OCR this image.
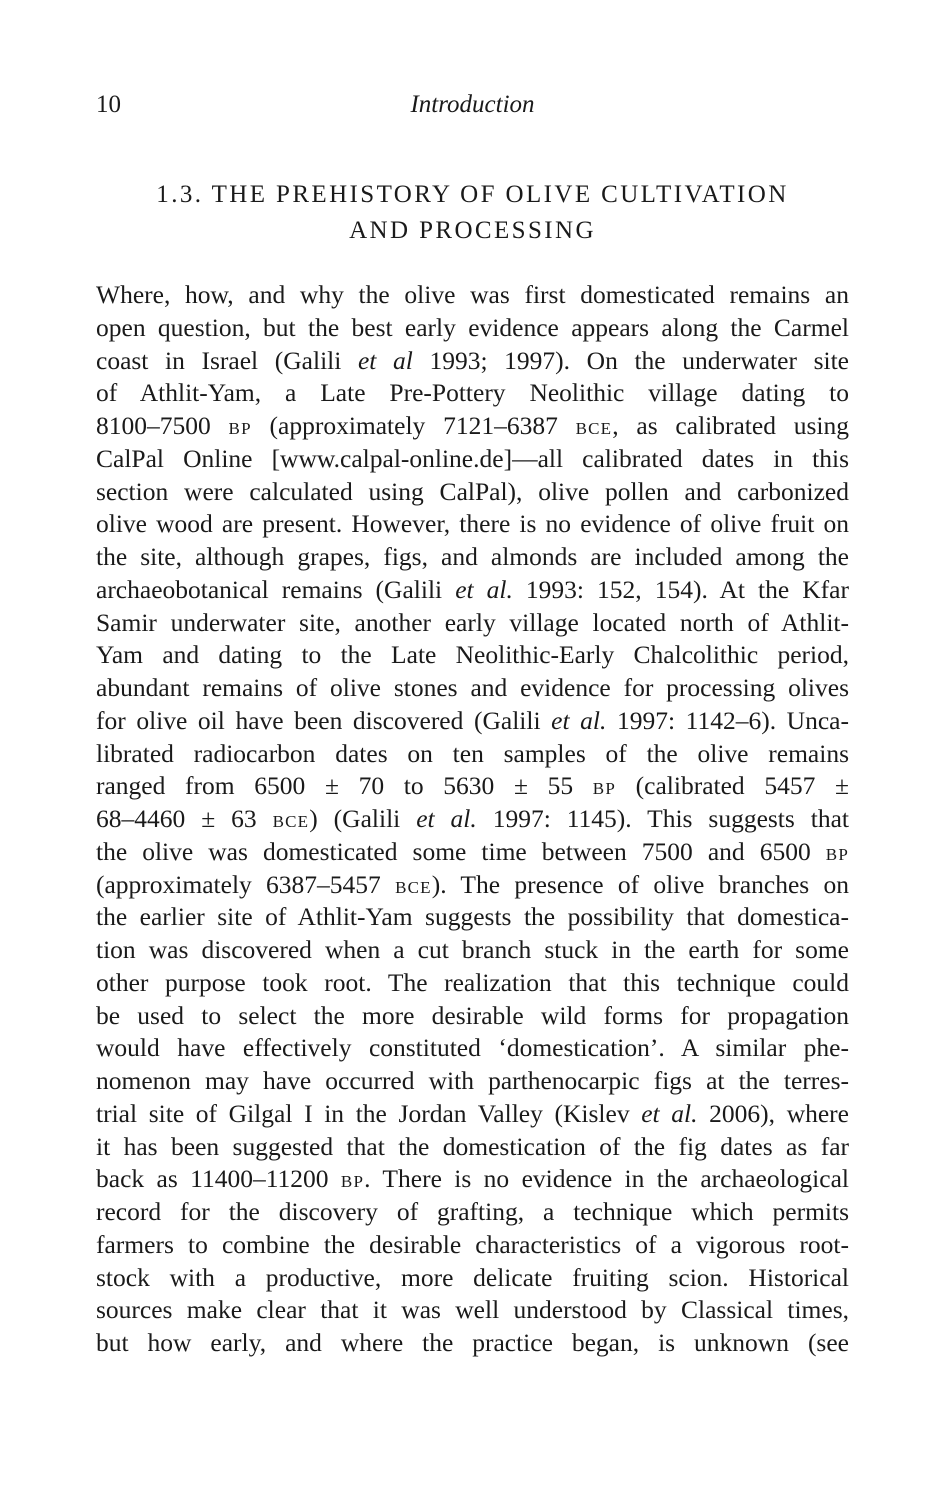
10	Introduction
1.3. THE PREHISTORY OF OLIVE CULTIVATION
AND PROCESSING
Where, how, and why the olive was first domesticated remains an
open question, but the best early evidence appears along the Carmel
coast in Israel (Galili et al 1993; 1997). On the underwater site
of Athlit-Yam, a Late Pre-Pottery Neolithic village dating to
8100–7500 BP (approximately 7121–6387 BCE, as calibrated using
CalPal Online [www.calpal-online.de]—all calibrated dates in this
section were calculated using CalPal), olive pollen and carbonized
olive wood are present. However, there is no evidence of olive fruit on
the site, although grapes, figs, and almonds are included among the
archaeobotanical remains (Galili et al. 1993: 152, 154). At the Kfar
Samir underwater site, another early village located north of Athlit-
Yam and dating to the Late Neolithic-Early Chalcolithic period,
abundant remains of olive stones and evidence for processing olives
for olive oil have been discovered (Galili et al. 1997: 1142–6). Unca-
librated radiocarbon dates on ten samples of the olive remains
ranged from 6500 ± 70 to 5630 ± 55 BP (calibrated 5457 ±
68–4460 ± 63 BCE) (Galili et al. 1997: 1145). This suggests that
the olive was domesticated some time between 7500 and 6500 BP
(approximately 6387–5457 BCE). The presence of olive branches on
the earlier site of Athlit-Yam suggests the possibility that domestica-
tion was discovered when a cut branch stuck in the earth for some
other purpose took root. The realization that this technique could
be used to select the more desirable wild forms for propagation
would have effectively constituted ‘domestication’. A similar phe-
nomenon may have occurred with parthenocarpic figs at the terres-
trial site of Gilgal I in the Jordan Valley (Kislev et al. 2006), where
it has been suggested that the domestication of the fig dates as far
back as 11400–11200 BP. There is no evidence in the archaeological
record for the discovery of grafting, a technique which permits
farmers to combine the desirable characteristics of a vigorous root-
stock with a productive, more delicate fruiting scion. Historical
sources make clear that it was well understood by Classical times,
but how early, and where the practice began, is unknown (see
